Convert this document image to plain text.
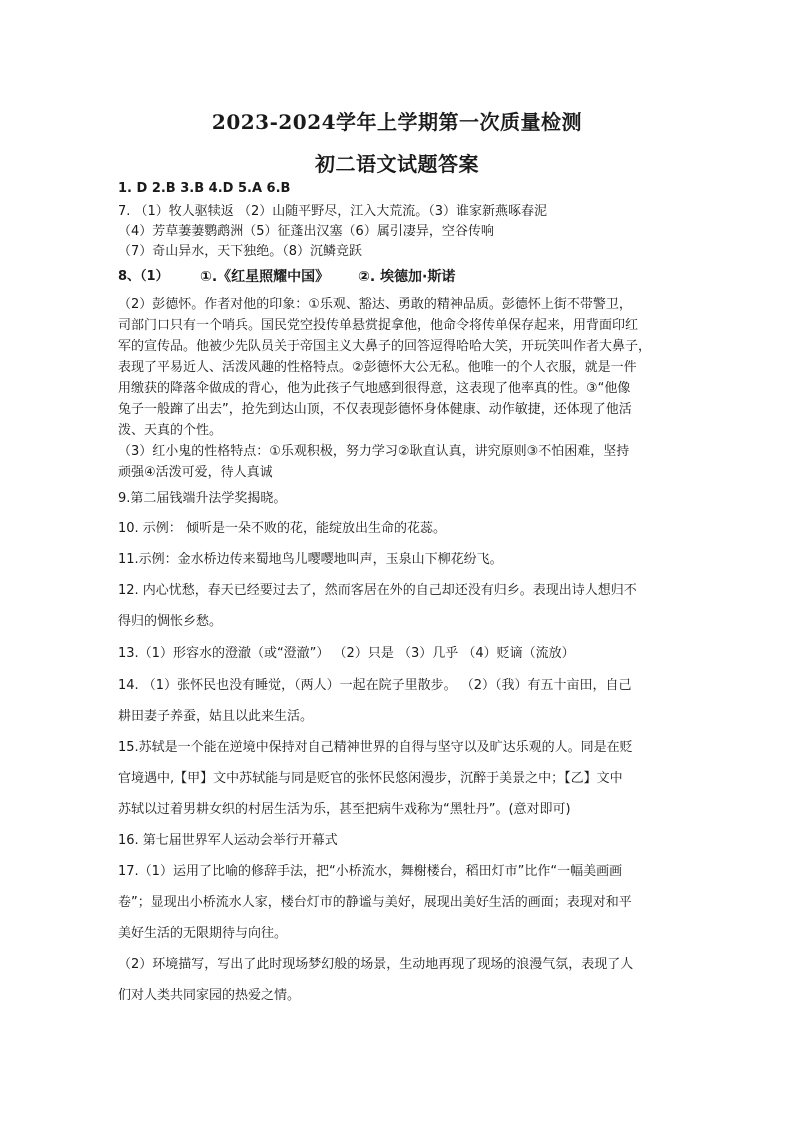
2023-2024学年上学期第一次质量检测
初二语文试题答案
1. D 2.B 3.B 4.D 5.A 6.B
7. （1）牧人驱犊返 （2）山随平野尽，江入大荒流。（3）谁家新燕啄春泥
（4）芳草萋萋鹦鹉洲（5）征蓬出汉塞（6）属引凄异，空谷传响
（7）奇山异水，天下独绝。（8）沉鳞竞跃
8、（1） ①.《红星照耀中国》 ②. 埃德加·斯诺
（2）彭德怀。作者对他的印象：①乐观、豁达、勇敢的精神品质。彭德怀上街不带警卫，
司部门口只有一个哨兵。国民党空投传单悬赏捉拿他，他命令将传单保存起来，用背面印红
军的宣传品。他被少先队员关于帝国主义大鼻子的回答逗得哈哈大笑，开玩笑叫作者大鼻子，
表现了平易近人、活泼风趣的性格特点。②彭德怀大公无私。他唯一的个人衣服，就是一件
用缴获的降落伞做成的背心，他为此孩子气地感到很得意，这表现了他率真的性。③“他像
兔子一般蹿了出去”，抢先到达山顶，不仅表现彭德怀身体健康、动作敏捷，还体现了他活
泼、天真的个性。
（3）红小鬼的性格特点：①乐观积极，努力学习②耿直认真，讲究原则③不怕困难，坚持
顽强④活泼可爱，待人真诚
9.第二届钱端升法学奖揭晓。
10. 示例： 倾听是一朵不败的花，能绽放出生命的花蕊。
11.示例：金水桥边传来蜀地鸟儿嘤嘤地叫声，玉泉山下柳花纷飞。
12. 内心忧愁，春天已经要过去了，然而客居在外的自己却还没有归乡。表现出诗人想归不
得归的惆怅乡愁。
13.（1）形容水的澄澈（或“澄澈”） （2）只是 （3）几乎 （4）贬谪（流放）
14. （1）张怀民也没有睡觉，（两人）一起在院子里散步。 （2）（我）有五十亩田，自己
耕田妻子养蚕，姑且以此来生活。
15.苏轼是一个能在逆境中保持对自己精神世界的自得与坚守以及旷达乐观的人。同是在贬
官境遇中,【甲】文中苏轼能与同是贬官的张怀民悠闲漫步，沉醉于美景之中；【乙】文中
苏轼以过着男耕女织的村居生活为乐，甚至把病牛戏称为“黑牡丹”。(意对即可)
16. 第七届世界军人运动会举行开幕式
17.（1）运用了比喻的修辞手法，把“小桥流水，舞榭楼台，稻田灯市”比作“一幅美画画
卷”；显现出小桥流水人家，楼台灯市的静谧与美好，展现出美好生活的画面；表现对和平
美好生活的无限期待与向往。
（2）环境描写，写出了此时现场梦幻般的场景，生动地再现了现场的浪漫气氛，表现了人
们对人类共同家园的热爱之情。
